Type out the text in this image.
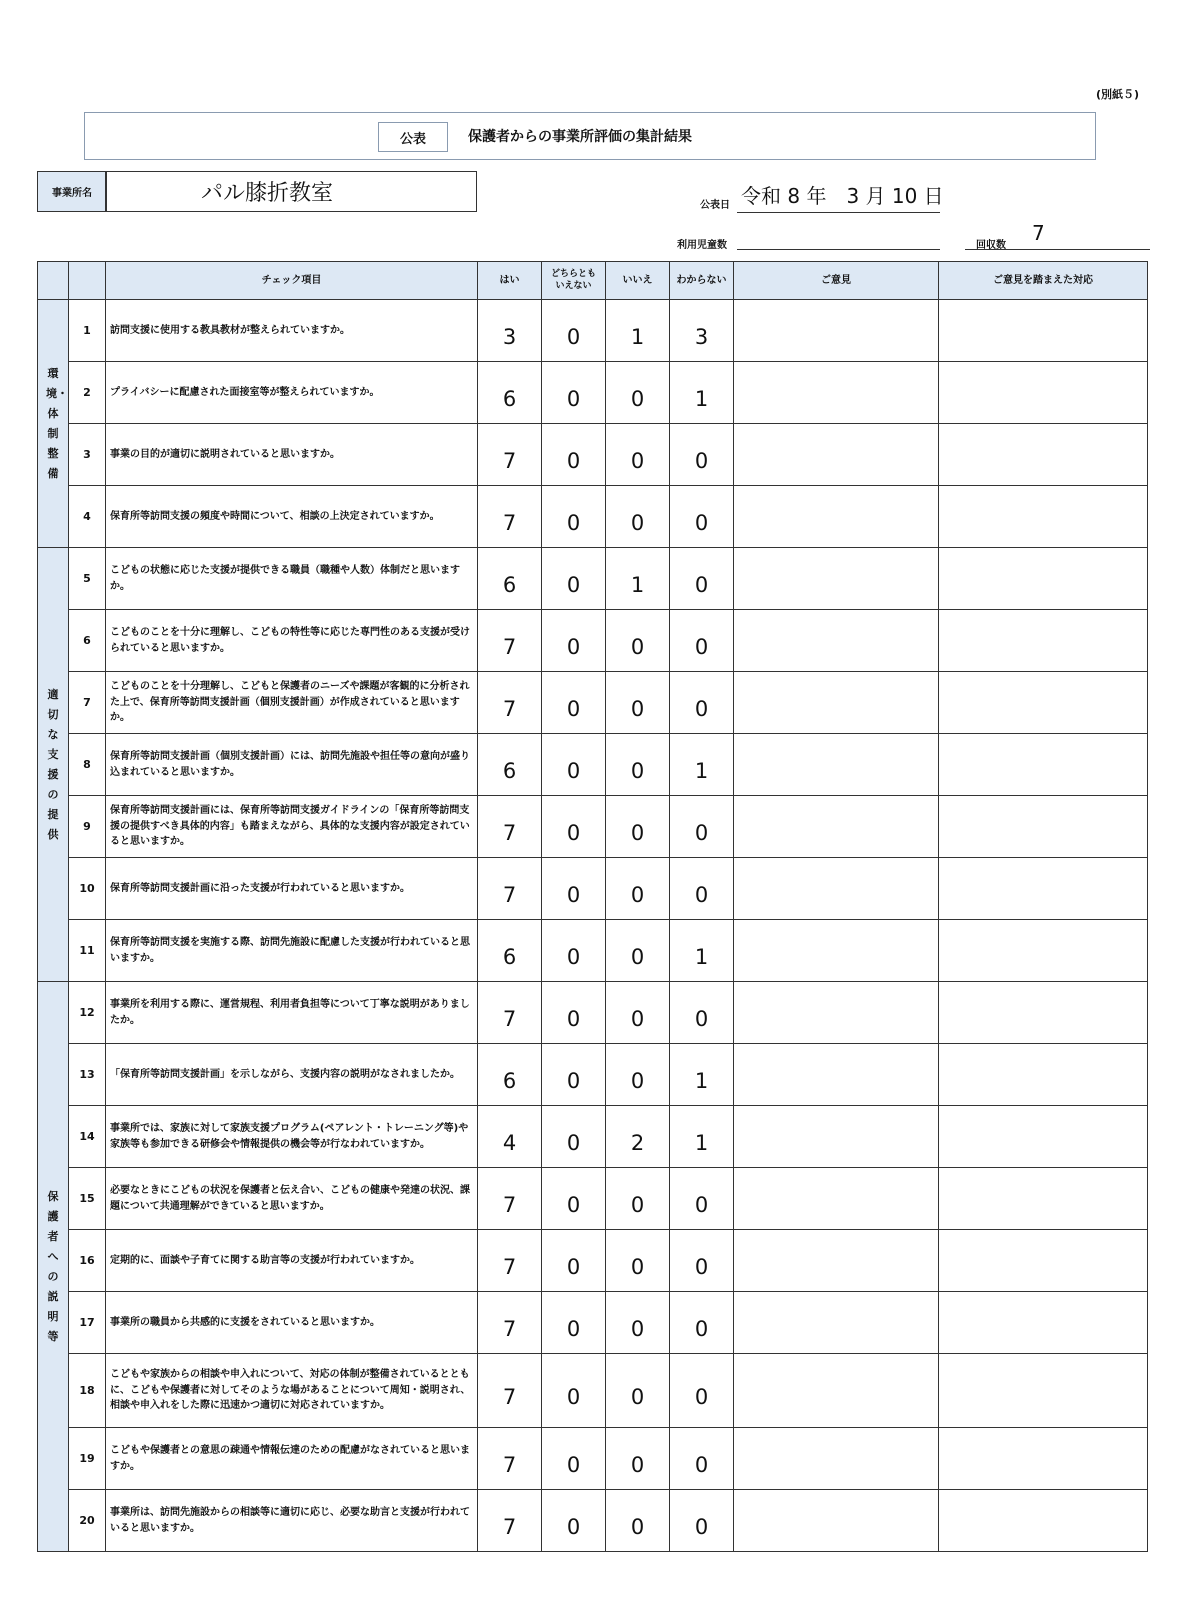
(別紙５)
公表	保護者からの事業所評価の集計結果
事業所名	パル膝折教室	公表日 令和 8 年　3 月 10 日
利用児童数	回収数
7
		チェック項目	はい	どちらとも
いえない	いいえ	わからない	ご意見	ご意見を踏まえた対応
環境・体制整備	1	訪問支援に使用する教具教材が整えられていますか。	3	0	1	3		
	2	プライバシーに配慮された面接室等が整えられていますか。	6	0	0	1		
	3	事業の目的が適切に説明されていると思いますか。	7	0	0	0		
	4	保育所等訪問支援の頻度や時間について、相談の上決定されていますか。	7	0	0	0		
適切な支援の提供	5	こどもの状態に応じた支援が提供できる職員（職種や人数）体制だと思いますか。	6	0	1	0		
	6	こどものことを十分に理解し、こどもの特性等に応じた専門性のある支援が受けられていると思いますか。	7	0	0	0		
	7	こどものことを十分理解し、こどもと保護者のニーズや課題が客観的に分析された上で、保育所等訪問支援計画（個別支援計画）が作成されていると思いますか。	7	0	0	0		
	8	保育所等訪問支援計画（個別支援計画）には、訪問先施設や担任等の意向が盛り込まれていると思いますか。	6	0	0	1		
	9	保育所等訪問支援計画には、保育所等訪問支援ガイドラインの「保育所等訪問支援の提供すべき具体的内容」も踏まえながら、具体的な支援内容が設定されていると思いますか。	7	0	0	0		
	10	保育所等訪問支援計画に沿った支援が行われていると思いますか。	7	0	0	0		
	11	保育所等訪問支援を実施する際、訪問先施設に配慮した支援が行われていると思いますか。	6	0	0	1		
保護者への説明等	12	事業所を利用する際に、運営規程、利用者負担等について丁寧な説明がありましたか。	7	0	0	0		
	13	「保育所等訪問支援計画」を示しながら、支援内容の説明がなされましたか。	6	0	0	1		
	14	事業所では、家族に対して家族支援プログラム(ペアレント・トレーニング等)や家族等も参加できる研修会や情報提供の機会等が行なわれていますか。	4	0	2	1		
	15	必要なときにこどもの状況を保護者と伝え合い、こどもの健康や発達の状況、課題について共通理解ができていると思いますか。	7	0	0	0		
	16	定期的に、面談や子育てに関する助言等の支援が行われていますか。	7	0	0	0		
	17	事業所の職員から共感的に支援をされていると思いますか。	7	0	0	0		
	18	こどもや家族からの相談や申入れについて、対応の体制が整備されているとともに、こどもや保護者に対してそのような場があることについて周知・説明され、相談や申入れをした際に迅速かつ適切に対応されていますか。	7	0	0	0		
	19	こどもや保護者との意思の疎通や情報伝達のための配慮がなされていると思いますか。	7	0	0	0		
	20	事業所は、訪問先施設からの相談等に適切に応じ、必要な助言と支援が行われていると思いますか。	7	0	0	0		
